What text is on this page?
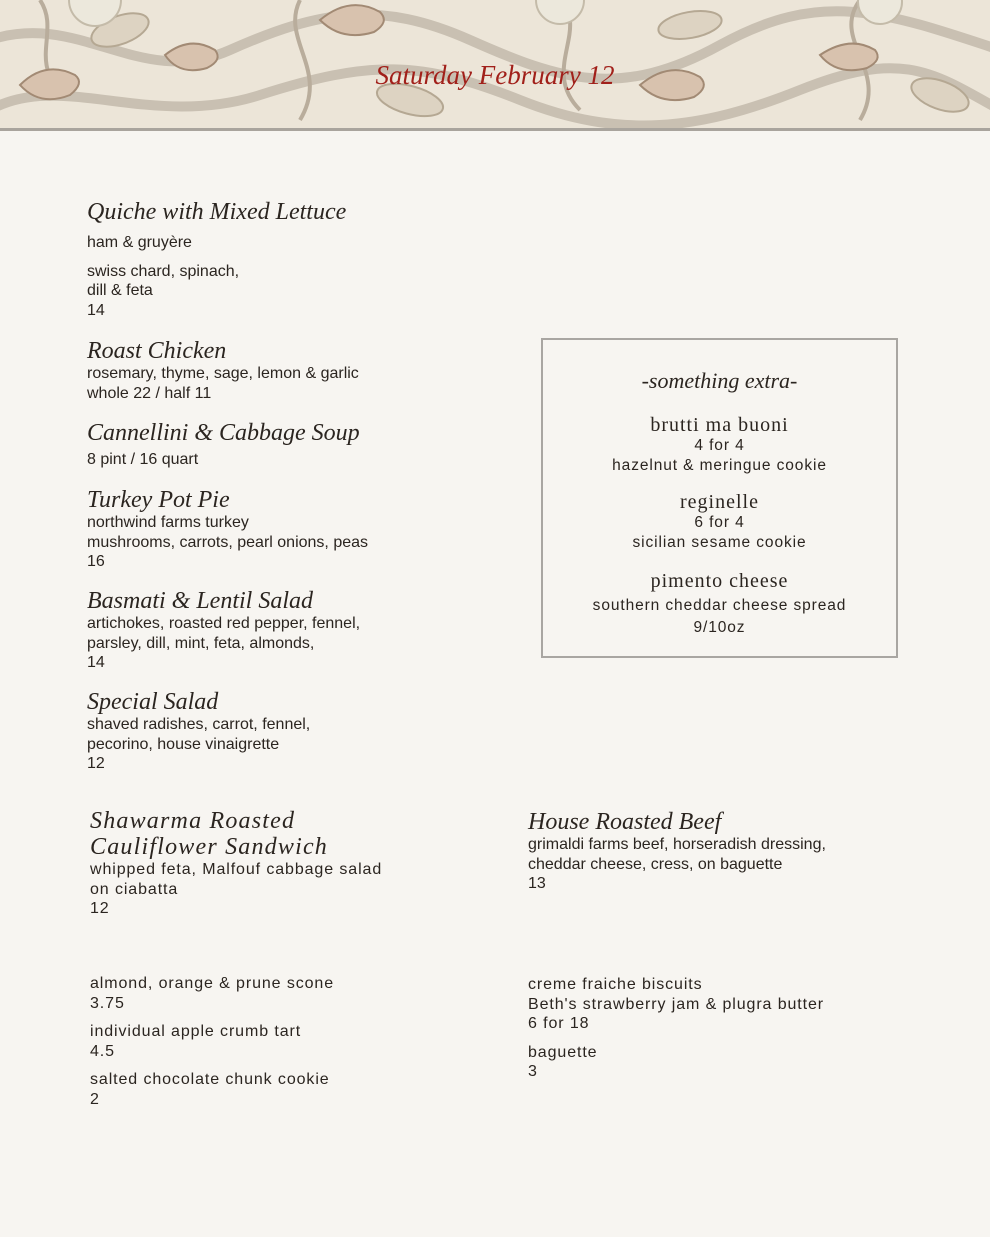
Saturday February 12
Quiche with Mixed Lettuce
ham & gruyère
swiss chard, spinach,
dill & feta
14
Roast Chicken
rosemary, thyme, sage, lemon & garlic
whole 22 / half 11
Cannellini & Cabbage Soup
8 pint / 16 quart
Turkey Pot Pie
northwind farms turkey
mushrooms, carrots, pearl onions, peas
16
Basmati & Lentil Salad
artichokes, roasted red pepper, fennel,
parsley, dill, mint, feta, almonds,
14
Special Salad
shaved radishes, carrot, fennel,
pecorino, house vinaigrette
12
-something extra-
brutti ma buoni
4 for 4
hazelnut & meringue cookie
reginelle
6 for 4
sicilian sesame cookie
pimento cheese
southern cheddar cheese spread
9/10oz
Shawarma Roasted
Cauliflower Sandwich
whipped feta, Malfouf cabbage salad
on ciabatta
12
House Roasted Beef
grimaldi farms beef, horseradish dressing,
cheddar cheese, cress, on baguette
13
almond, orange & prune scone
3.75
individual apple crumb tart
4.5
salted chocolate chunk cookie
2
creme fraiche biscuits
Beth's strawberry jam & plugra butter
6 for 18
baguette
3
